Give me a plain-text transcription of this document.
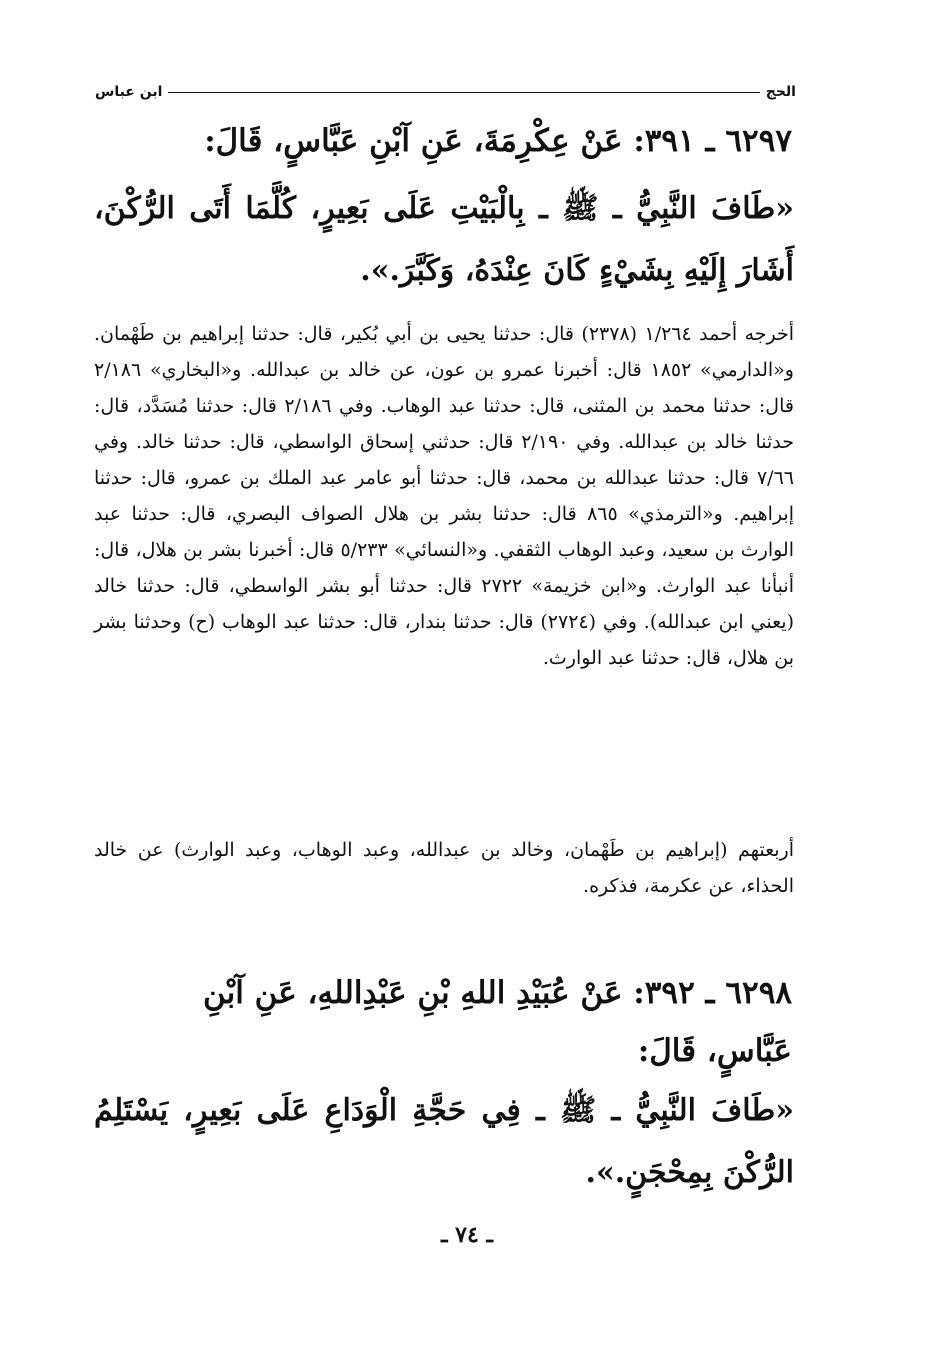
الحج
ابن عباس
٦٢٩٧ ـ ٣٩١: عَنْ عِكْرِمَةَ، عَنِ آبْنِ عَبَّاسٍ، قَالَ:
«طَافَ النَّبِيُّ ـ ﷺ ـ بِالْبَيْتِ عَلَى بَعِيرٍ، كُلَّمَا أَتَى الرُّكْنَ، أَشَارَ إِلَيْهِ بِشَيْءٍ كَانَ عِنْدَهُ، وَكَبَّرَ.».
أخرجه أحمد ١/٢٦٤ (٢٣٧٨) قال: حدثنا يحيى بن أبي بُكير، قال: حدثنا إبراهيم بن طَهْمان. و«الدارمي» ١٨٥٢ قال: أخبرنا عمرو بن عون، عن خالد بن عبدالله. و«البخاري» ٢/١٨٦ قال: حدثنا محمد بن المثنى، قال: حدثنا عبد الوهاب. وفي ٢/١٨٦ قال: حدثنا مُسَدَّد، قال: حدثنا خالد بن عبدالله. وفي ٢/١٩٠ قال: حدثني إسحاق الواسطي، قال: حدثنا خالد. وفي ٧/٦٦ قال: حدثنا عبدالله بن محمد، قال: حدثنا أبو عامر عبد الملك بن عمرو، قال: حدثنا إبراهيم. و«الترمذي» ٨٦٥ قال: حدثنا بشر بن هلال الصواف البصري، قال: حدثنا عبد الوارث بن سعيد، وعبد الوهاب الثقفي. و«النسائي» ٥/٢٣٣ قال: أخبرنا بشر بن هلال، قال: أنبأنا عبد الوارث. و«ابن خزيمة» ٢٧٢٢ قال: حدثنا أبو بشر الواسطي، قال: حدثنا خالد (يعني ابن عبدالله). وفي (٢٧٢٤) قال: حدثنا بندار، قال: حدثنا عبد الوهاب (ح) وحدثنا بشر بن هلال، قال: حدثنا عبد الوارث.
أربعتهم (إبراهيم بن طَهْمان، وخالد بن عبدالله، وعبد الوهاب، وعبد الوارث) عن خالد الحذاء، عن عكرمة، فذكره.
٦٢٩٨ ـ ٣٩٢: عَنْ عُبَيْدِ اللهِ بْنِ عَبْدِاللهِ، عَنِ آبْنِ عَبَّاسٍ، قَالَ:
«طَافَ النَّبِيُّ ـ ﷺ ـ فِي حَجَّةِ الْوَدَاعِ عَلَى بَعِيرٍ، يَسْتَلِمُ الرُّكْنَ بِمِحْجَنٍ.».
ـ ٧٤ ـ
